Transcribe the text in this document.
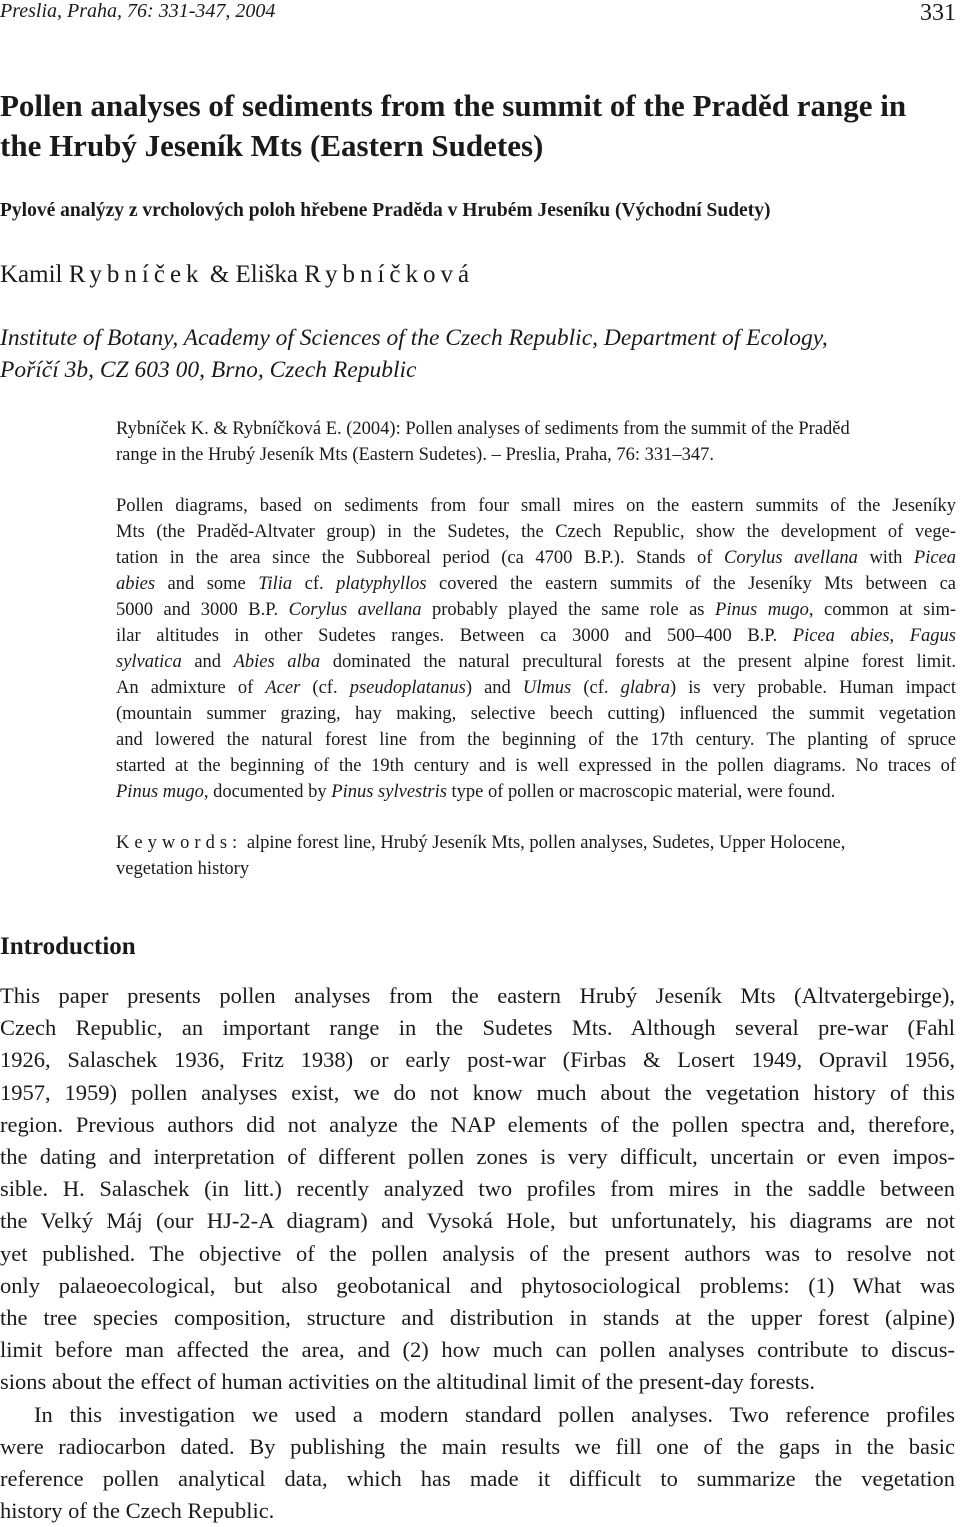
Preslia, Praha, 76: 331-347, 2004	331
Pollen analyses of sediments from the summit of the Praděd range in
the Hrubý Jeseník Mts (Eastern Sudetes)
Pylové analýzy z vrcholových poloh hřebene Praděda v Hrubém Jeseníku (Východní Sudety)
Kamil Rybníček & Eliška Rybníčková
Institute of Botany, Academy of Sciences of the Czech Republic, Department of Ecology,
Poříčí 3b, CZ 603 00, Brno, Czech Republic
Rybníček K. & Rybníčková E. (2004): Pollen analyses of sediments from the summit of the Praděd
range in the Hrubý Jeseník Mts (Eastern Sudetes). – Preslia, Praha, 76: 331–347.
Pollen diagrams, based on sediments from four small mires on the eastern summits of the Jeseníky
Mts (the Praděd-Altvater group) in the Sudetes, the Czech Republic, show the development of vege-
tation in the area since the Subboreal period (ca 4700 B.P.). Stands of Corylus avellana with Picea
abies and some Tilia cf. platyphyllos covered the eastern summits of the Jeseníky Mts between ca
5000 and 3000 B.P. Corylus avellana probably played the same role as Pinus mugo, common at sim-
ilar altitudes in other Sudetes ranges. Between ca 3000 and 500–400 B.P. Picea abies, Fagus
sylvatica and Abies alba dominated the natural precultural forests at the present alpine forest limit.
An admixture of Acer (cf. pseudoplatanus) and Ulmus (cf. glabra) is very probable. Human impact
(mountain summer grazing, hay making, selective beech cutting) influenced the summit vegetation
and lowered the natural forest line from the beginning of the 17th century. The planting of spruce
started at the beginning of the 19th century and is well expressed in the pollen diagrams. No traces of
Pinus mugo, documented by Pinus sylvestris type of pollen or macroscopic material, were found.
Keywords: alpine forest line, Hrubý Jeseník Mts, pollen analyses, Sudetes, Upper Holocene,
vegetation history
Introduction
This paper presents pollen analyses from the eastern Hrubý Jeseník Mts (Altvatergebirge),
Czech Republic, an important range in the Sudetes Mts. Although several pre-war (Fahl
1926, Salaschek 1936, Fritz 1938) or early post-war (Firbas & Losert 1949, Opravil 1956,
1957, 1959) pollen analyses exist, we do not know much about the vegetation history of this
region. Previous authors did not analyze the NAP elements of the pollen spectra and, therefore,
the dating and interpretation of different pollen zones is very difficult, uncertain or even impos-
sible. H. Salaschek (in litt.) recently analyzed two profiles from mires in the saddle between
the Velký Máj (our HJ-2-A diagram) and Vysoká Hole, but unfortunately, his diagrams are not
yet published. The objective of the pollen analysis of the present authors was to resolve not
only palaeoecological, but also geobotanical and phytosociological problems: (1) What was
the tree species composition, structure and distribution in stands at the upper forest (alpine)
limit before man affected the area, and (2) how much can pollen analyses contribute to discus-
sions about the effect of human activities on the altitudinal limit of the present-day forests.
In this investigation we used a modern standard pollen analyses. Two reference profiles
were radiocarbon dated. By publishing the main results we fill one of the gaps in the basic
reference pollen analytical data, which has made it difficult to summarize the vegetation
history of the Czech Republic.
